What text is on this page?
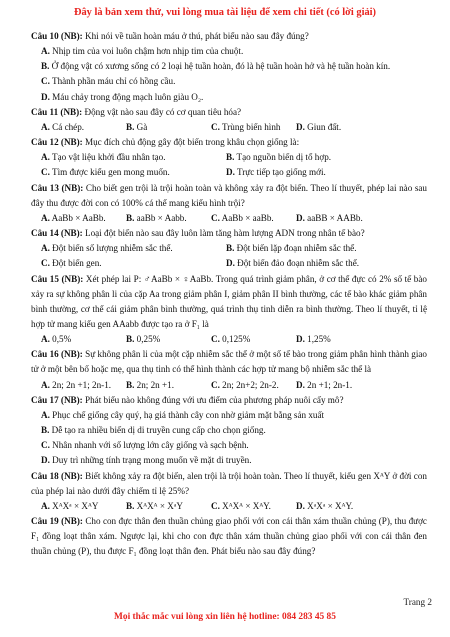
Đây là bản xem thử, vui lòng mua tài liệu để xem chi tiết (có lời giải)

Câu 10 (NB): Khi nói về tuần hoàn máu ở thú, phát biểu nào sau đây đúng?

A. Nhịp tim của voi luôn chậm hơn nhịp tim của chuột.

B. Ở động vật có xương sống có 2 loại hệ tuần hoàn, đó là hệ tuần hoàn hở và hệ tuần hoàn kín.

C. Thành phần máu chỉ có hồng cầu.

D. Máu chảy trong động mạch luôn giàu O₂.

Câu 11 (NB): Động vật nào sau đây có cơ quan tiêu hóa?

A. Cá chép.	B. Gà	C. Trùng biến hình	D. Giun đất.

Câu 12 (NB): Mục đích chủ động gây đột biến trong khâu chọn giống là:

A. Tạo vật liệu khởi đầu nhân tạo.	B. Tạo nguồn biến dị tổ hợp.
C. Tìm được kiểu gen mong muốn.	D. Trực tiếp tạo giống mới.

Câu 13 (NB): Cho biết gen trội là trội hoàn toàn và không xảy ra đột biến. Theo lí thuyết, phép lai nào sau đây thu được đời con có 100% cá thể mang kiểu hình trội?

A. AaBb × AaBb.	B. aaBb × Aabb.	C. AaBb × aaBb.	D. aaBB × AABb.

Câu 14 (NB): Loại đột biến nào sau đây luôn làm tăng hàm lượng ADN trong nhân tế bào?

A. Đột biến số lượng nhiễm sắc thể.	B. Đột biến lặp đoạn nhiễm sắc thể.
C. Đột biến gen.	D. Đột biến đảo đoạn nhiễm sắc thể.

Câu 15 (NB): Xét phép lai P: ♂AaBb × ♀AaBb. Trong quá trình giảm phân, ở cơ thể đực có 2% số tế bào xảy ra sự không phân li của cặp Aa trong giảm phân I, giảm phân II bình thường, các tế bào khác giảm phân bình thường, cơ thể cái giảm phân bình thường, quá trình thụ tinh diễn ra bình thường. Theo lí thuyết, tỉ lệ hợp tử mang kiểu gen AAabb được tạo ra ở F₁ là

A. 0,5%	B. 0,25%	C. 0,125%	D. 1,25%

Câu 16 (NB): Sự không phân li của một cặp nhiễm sắc thể ở một số tế bào trong giảm phân hình thành giao tử ở một bên bố hoặc mẹ, qua thụ tinh có thể hình thành các hợp tử mang bộ nhiễm sắc thể là

A. 2n; 2n +1; 2n-1.	B. 2n; 2n +1.	C. 2n; 2n+2; 2n-2.	D. 2n +1; 2n-1.

Câu 17 (NB): Phát biểu nào không đúng với ưu điểm của phương pháp nuôi cấy mô?

A. Phục chế giống cây quý, hạ giá thành cây con nhờ giảm mặt bằng sản xuất

B. Dễ tạo ra nhiều biến dị di truyền cung cấp cho chọn giống.

C. Nhân nhanh với số lượng lớn cây giống và sạch bệnh.

D. Duy trì những tính trạng mong muốn về mặt di truyền.

Câu 18 (NB): Biết không xảy ra đột biến, alen trội là trội hoàn toàn. Theo lí thuyết, kiểu gen XᴬY ở đời con của phép lai nào dưới đây chiếm tỉ lệ 25%?

A. XᴬXᵃ × XᴬY	B. XᴬXᴬ × XᵃY	C. XᴬXᴬ × XᴬY.	D. XᵃXᵃ × XᴬY.

Câu 19 (NB): Cho con đực thân đen thuần chủng giao phối với con cái thân xám thuần chủng (P), thu được F₁ đồng loạt thân xám. Ngược lại, khi cho con đực thân xám thuần chủng giao phối với con cái thân đen thuần chủng (P), thu được F₁ đồng loạt thân đen. Phát biểu nào sau đây đúng?

Trang 2
Mọi thắc mắc vui lòng xin liên hệ hotline: 084 283 45 85
